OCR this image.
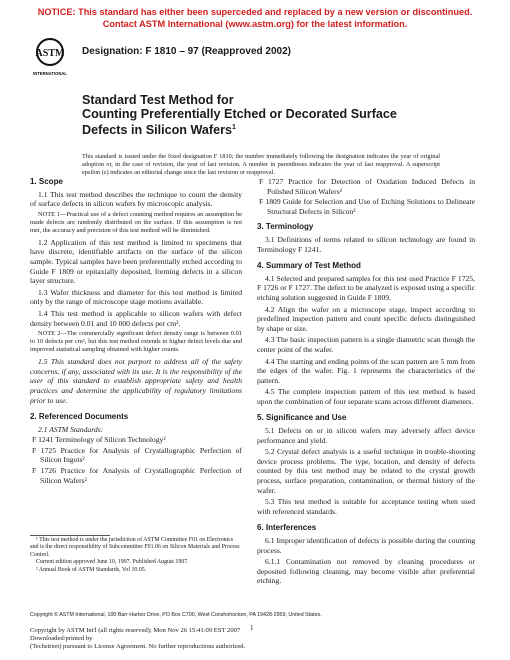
NOTICE: This standard has either been superceded and replaced by a new version or discontinued.
Contact ASTM International (www.astm.org) for the latest information.
ASTM
INTERNATIONAL
Designation: F 1810 – 97 (Reapproved 2002)
Standard Test Method for
Counting Preferentially Etched or Decorated Surface
Defects in Silicon Wafers$^1$
This standard is issued under the fixed designation F 1810; the number immediately following the designation indicates the year of original adoption or, in the case of revision, the year of last revision. A number in parentheses indicates the year of last reapproval. A superscript epsilon (ε) indicates an editorial change since the last revision or reapproval.
1. Scope
1.1 This test method describes the technique to count the density of surface defects in silicon wafers by microscopic analysis.
NOTE 1—Practical use of a defect counting method requires an assumption be made defects are randomly distributed on the surface. If this assumption is not met, the accuracy and precision of this test method will be diminished.
1.2 Application of this test method is limited to specimens that have discrete, identifiable artifacts on the surface of the silicon sample. Typical samples have been preferentially etched according to Guide F 1809 or epitaxially deposited, forming defects in a silicon layer structure.
1.3 Wafer thickness and diameter for this test method is limited only by the range of microscope stage motions available.
1.4 This test method is applicable to silicon wafers with defect density between 0.01 and 10 000 defects per cm².
NOTE 2—The commercially significant defect density range is between 0.01 to 10 defects per cm², but this test method extends to higher defect levels due and improved statistical sampling obtained with higher counts.
1.5 This standard does not purport to address all of the safety concerns, if any, associated with its use. It is the responsibility of the user of this standard to establish appropriate safety and health practices and determine the applicability of regulatory limitations prior to use.
2. Referenced Documents
2.1 ASTM Standards:
F 1241 Terminology of Silicon Technology²
F 1725 Practice for Analysis of Crystallographic Perfection of Silicon Ingots²
F 1726 Practice for Analysis of Crystallographic Perfection of Silicon Wafers²
F 1727 Practice for Detection of Oxidation Induced Defects in Polished Silicon Wafers²
F 1809 Guide for Selection and Use of Etching Solutions to Delineate Structural Defects in Silicon²
3. Terminology
3.1 Definitions of terms related to silicon technology are found in Terminology F 1241.
4. Summary of Test Method
4.1 Selected and prepared samples for this test used Practice F 1725, F 1726 or F 1727. The defect to be analyzed is exposed using a specific etching solution suggested in Guide F 1809.
4.2 Align the wafer on a microscope stage, inspect according to predefined inspection pattern and count specific defects distinguished by shape or size.
4.3 The basic inspection pattern is a single diametric scan though the center point of the wafer.
4.4 The starting and ending points of the scan pattern are 5 mm from the edges of the wafer. Fig. 1 represents the characteristics of the pattern.
4.5 The complete inspection pattern of this test method is based upon the combination of four separate scans across different diameters.
5. Significance and Use
5.1 Defects on or in silicon wafers may adversely affect device performance and yield.
5.2 Crystal defect analysis is a useful technique in trouble-shooting device process problems. The type, location, and density of defects counted by this test method may be related to the crystal growth process, surface preparation, contamination, or thermal history of the wafer.
5.3 This test method is suitable for acceptance testing when used with referenced standards.
6. Interferences
6.1 Improper identification of defects is possible during the counting process.
6.1.1 Contamination not removed by cleaning procedures or deposited following cleaning, may become visible after preferential etching.
¹ This test method is under the jurisdiction of ASTM Committee F01 on Electronics and is the direct responsibility of Subcommittee F01.06 on Silicon Materials and Process Control.
Current edition approved June 10, 1997. Published August 1997.
² Annual Book of ASTM Standards, Vol 10.05.
Copyright © ASTM International, 100 Barr Harbor Drive, PO Box C700, West Conshohocken, PA 19428-2959, United States.
1
Copyright by ASTM Int'l (all rights reserved); Mon Nov 26 15:41:09 EST 2007
Downloaded/printed by
(Techstreet) pursuant to License Agreement. No further reproductions authorized.
